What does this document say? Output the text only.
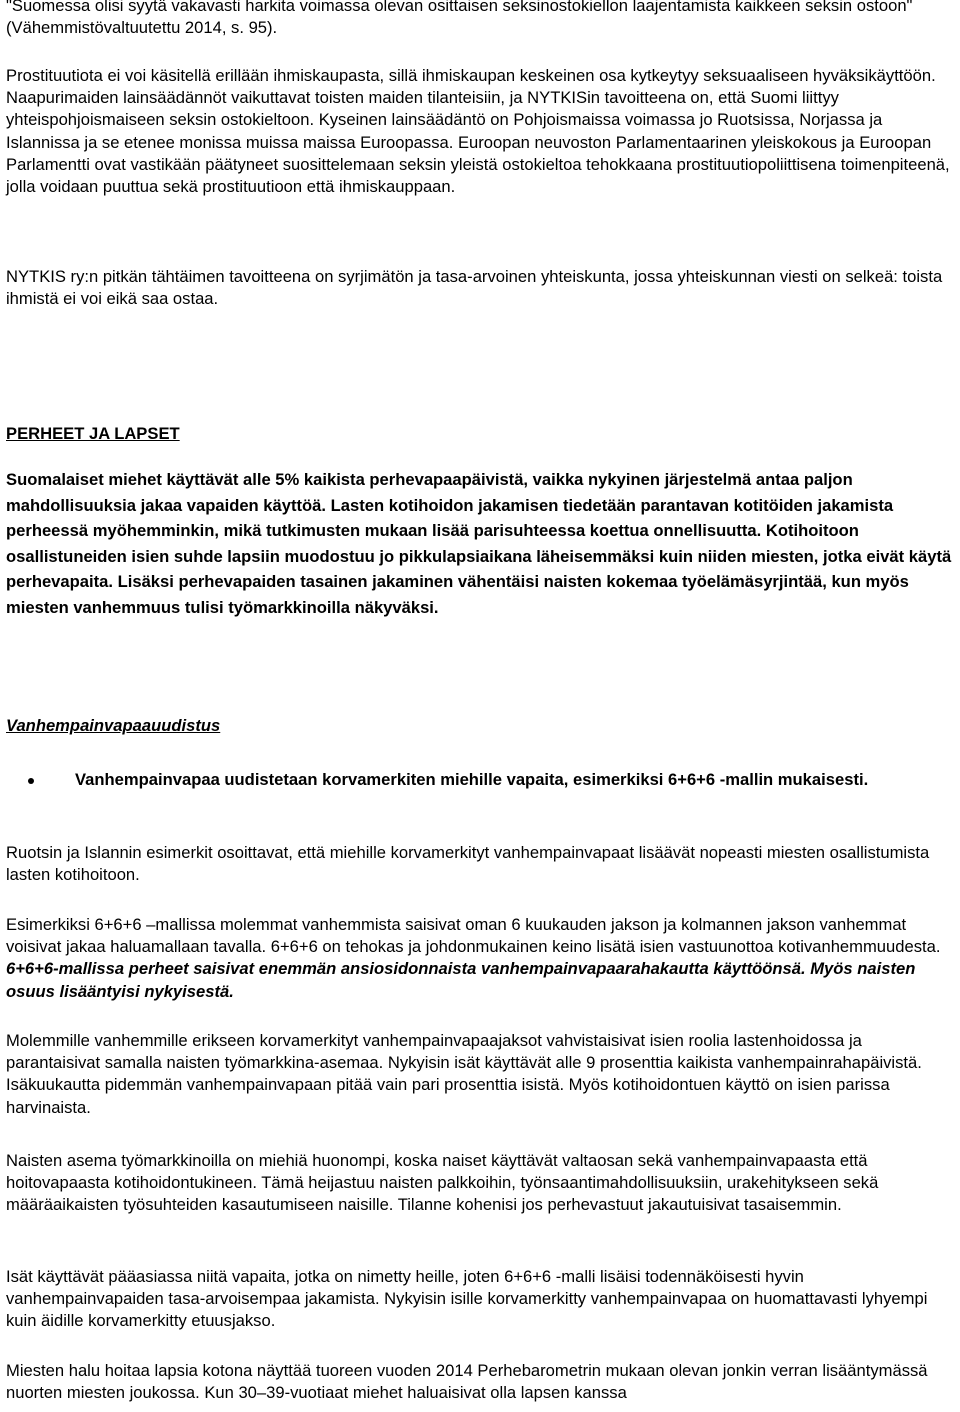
"Suomessa olisi syytä vakavasti harkita voimassa olevan osittaisen seksinostokiellon laajentamista kaikkeen seksin ostoon" (Vähemmistövaltuutettu 2014, s. 95).

Prostituutiota ei voi käsitellä erillään ihmiskaupasta, sillä ihmiskaupan keskeinen osa kytkeytyy seksuaaliseen hyväksikäyttöön. Naapurimaiden lainsäädännöt vaikuttavat toisten maiden tilanteisiin, ja NYTKISin tavoitteena on, että Suomi liittyy yhteispohjoismaiseen seksin ostokieltoon. Kyseinen lainsäädäntö on Pohjoismaissa voimassa jo Ruotsissa, Norjassa ja Islannissa ja se etenee monissa muissa maissa Euroopassa. Euroopan neuvoston Parlamentaarinen yleiskokous ja Euroopan Parlamentti ovat vastikään päätyneet suosittelemaan seksin yleistä ostokieltoa tehokkaana prostituutiopoliittisena toimenpiteenä, jolla voidaan puuttua sekä prostituutioon että ihmiskauppaan.

NYTKIS ry:n pitkän tähtäimen tavoitteena on syrjimätön ja tasa-arvoinen yhteiskunta, jossa yhteiskunnan viesti on selkeä: toista ihmistä ei voi eikä saa ostaa.

PERHEET JA LAPSET

Suomalaiset miehet käyttävät alle 5% kaikista perhevapaapäivistä, vaikka nykyinen järjestelmä antaa paljon mahdollisuuksia jakaa vapaiden käyttöä. Lasten kotihoidon jakamisen tiedetään parantavan kotitöiden jakamista perheessä myöhemminkin, mikä tutkimusten mukaan lisää parisuhteessa koettua onnellisuutta. Kotihoitoon osallistuneiden isien suhde lapsiin muodostuu jo pikkulapsiaikana läheisemmäksi kuin niiden miesten, jotka eivät käytä perhevapaita. Lisäksi perhevapaiden tasainen jakaminen vähentäisi naisten kokemaa työelämäsyrjintää, kun myös miesten vanhemmuus tulisi työmarkkinoilla näkyväksi.

Vanhempainvapaauudistus
Vanhempainvapaa uudistetaan korvamerkiten miehille vapaita, esimerkiksi 6+6+6 -mallin mukaisesti.

Ruotsin ja Islannin esimerkit osoittavat, että miehille korvamerkityt vanhempainvapaat lisäävät nopeasti miesten osallistumista lasten kotihoitoon.

Esimerkiksi 6+6+6 –mallissa molemmat vanhemmista saisivat oman 6 kuukauden jakson ja kolmannen jakson vanhemmat voisivat jakaa haluamallaan tavalla. 6+6+6 on tehokas ja johdonmukainen keino lisätä isien vastuunottoa kotivanhemmuudesta. 6+6+6-mallissa perheet saisivat enemmän ansiosidonnaista vanhempainvapaarahakautta käyttöönsä. Myös naisten osuus lisääntyisi nykyisestä.

Molemmille vanhemmille erikseen korvamerkityt vanhempainvapaajaksot vahvistaisivat isien roolia lastenhoidossa ja parantaisivat samalla naisten työmarkkina-asemaa. Nykyisin isät käyttävät alle 9 prosenttia kaikista vanhempainrahapäivistä. Isäkuukautta pidemmän vanhempainvapaan pitää vain pari prosenttia isistä. Myös kotihoidontuen käyttö on isien parissa harvinaista.

Naisten asema työmarkkinoilla on miehiä huonompi, koska naiset käyttävät valtaosan sekä vanhempainvapaasta että hoitovapaasta kotihoidontukineen. Tämä heijastuu naisten palkkoihin, työnsaantimahdollisuuksiin, urakehitykseen sekä määräaikaisten työsuhteiden kasautumiseen naisille. Tilanne kohenisi jos perhevastuut jakautuisivat tasaisemmin.

Isät käyttävät pääasiassa niitä vapaita, jotka on nimetty heille, joten 6+6+6 -malli lisäisi todennäköisesti hyvin vanhempainvapaiden tasa-arvoisempaa jakamista. Nykyisin isille korvamerkitty vanhempainvapaa on huomattavasti lyhyempi kuin äidille korvamerkitty etuusjakso.

Miesten halu hoitaa lapsia kotona näyttää tuoreen vuoden 2014 Perhebarometrin mukaan olevan jonkin verran lisääntymässä nuorten miesten joukossa. Kun 30–39-vuotiaat miehet haluaisivat olla lapsen kanssa
